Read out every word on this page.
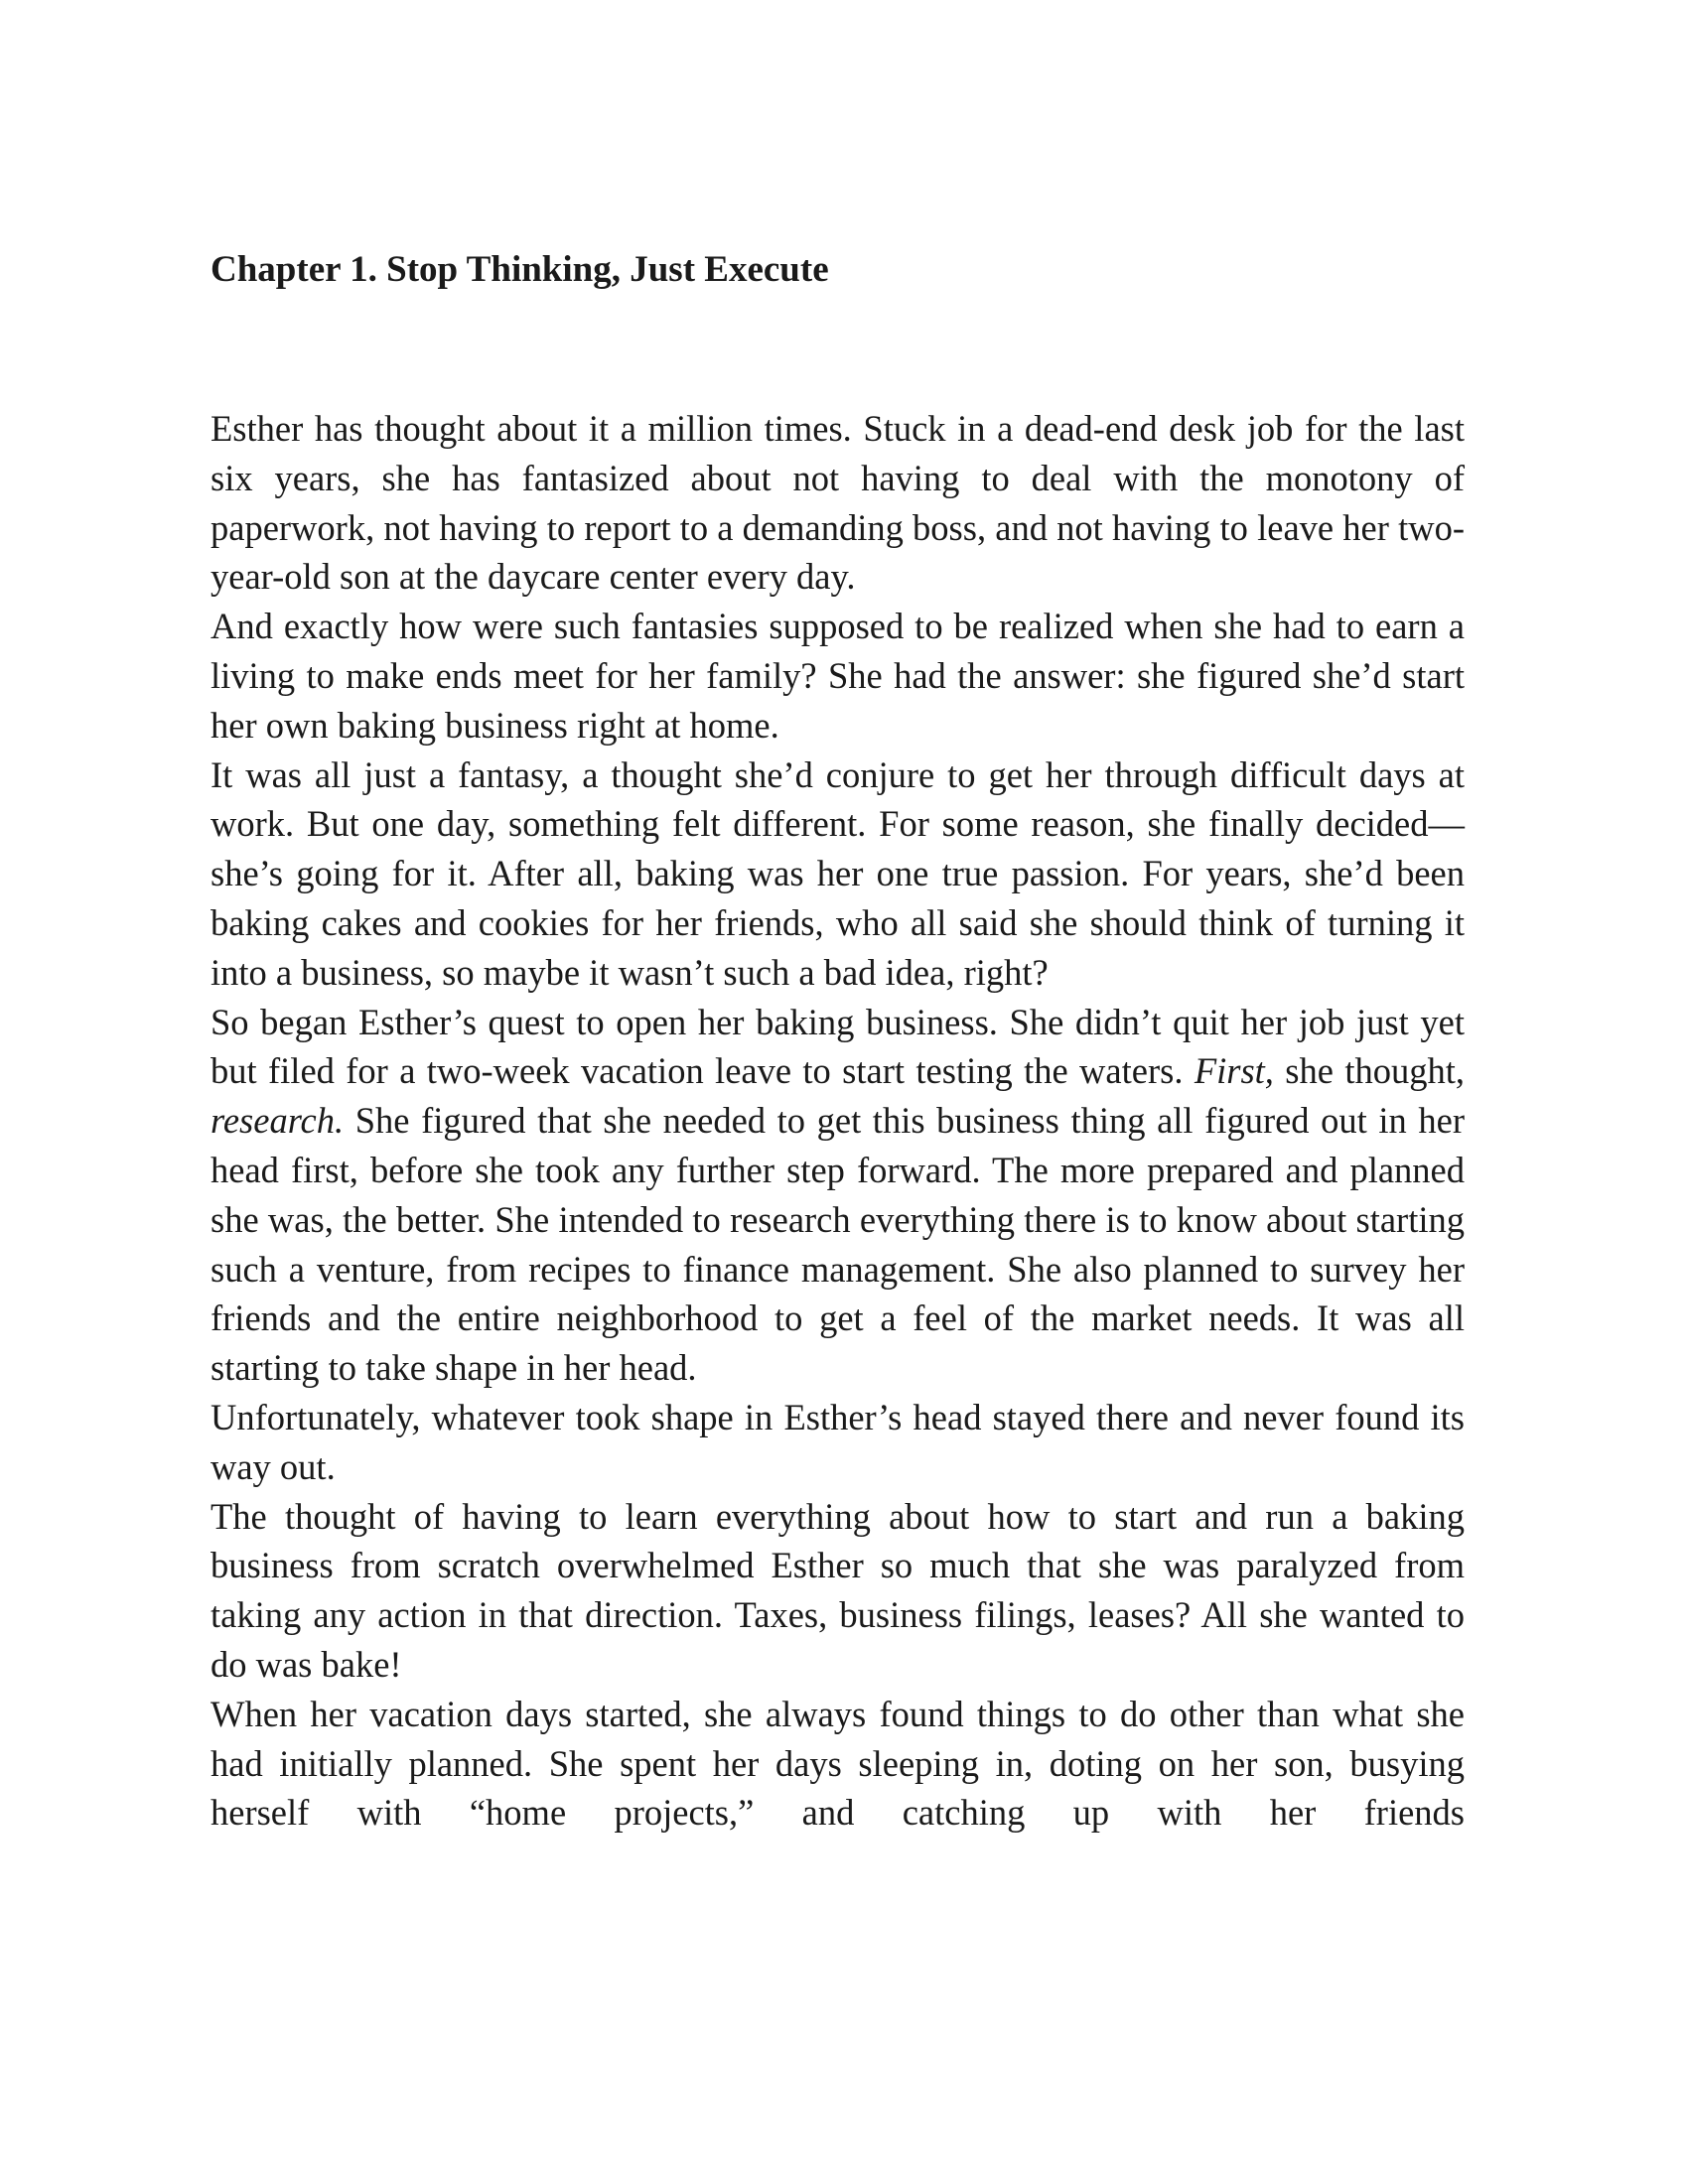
Chapter 1. Stop Thinking, Just Execute

Esther has thought about it a million times. Stuck in a dead-end desk job for the last six years, she has fantasized about not having to deal with the monotony of paperwork, not having to report to a demanding boss, and not having to leave her two-year-old son at the daycare center every day.

And exactly how were such fantasies supposed to be realized when she had to earn a living to make ends meet for her family? She had the answer: she figured she’d start her own baking business right at home.

It was all just a fantasy, a thought she’d conjure to get her through difficult days at work. But one day, something felt different. For some reason, she finally decided—she’s going for it. After all, baking was her one true passion. For years, she’d been baking cakes and cookies for her friends, who all said she should think of turning it into a business, so maybe it wasn’t such a bad idea, right?

So began Esther’s quest to open her baking business. She didn’t quit her job just yet but filed for a two-week vacation leave to start testing the waters. First, she thought, research. She figured that she needed to get this business thing all figured out in her head first, before she took any further step forward. The more prepared and planned she was, the better. She intended to research everything there is to know about starting such a venture, from recipes to finance management. She also planned to survey her friends and the entire neighborhood to get a feel of the market needs. It was all starting to take shape in her head.

Unfortunately, whatever took shape in Esther’s head stayed there and never found its way out.

The thought of having to learn everything about how to start and run a baking business from scratch overwhelmed Esther so much that she was paralyzed from taking any action in that direction. Taxes, business filings, leases? All she wanted to do was bake!

When her vacation days started, she always found things to do other than what she had initially planned. She spent her days sleeping in, doting on her son, busying herself with “home projects,” and catching up with her friends
